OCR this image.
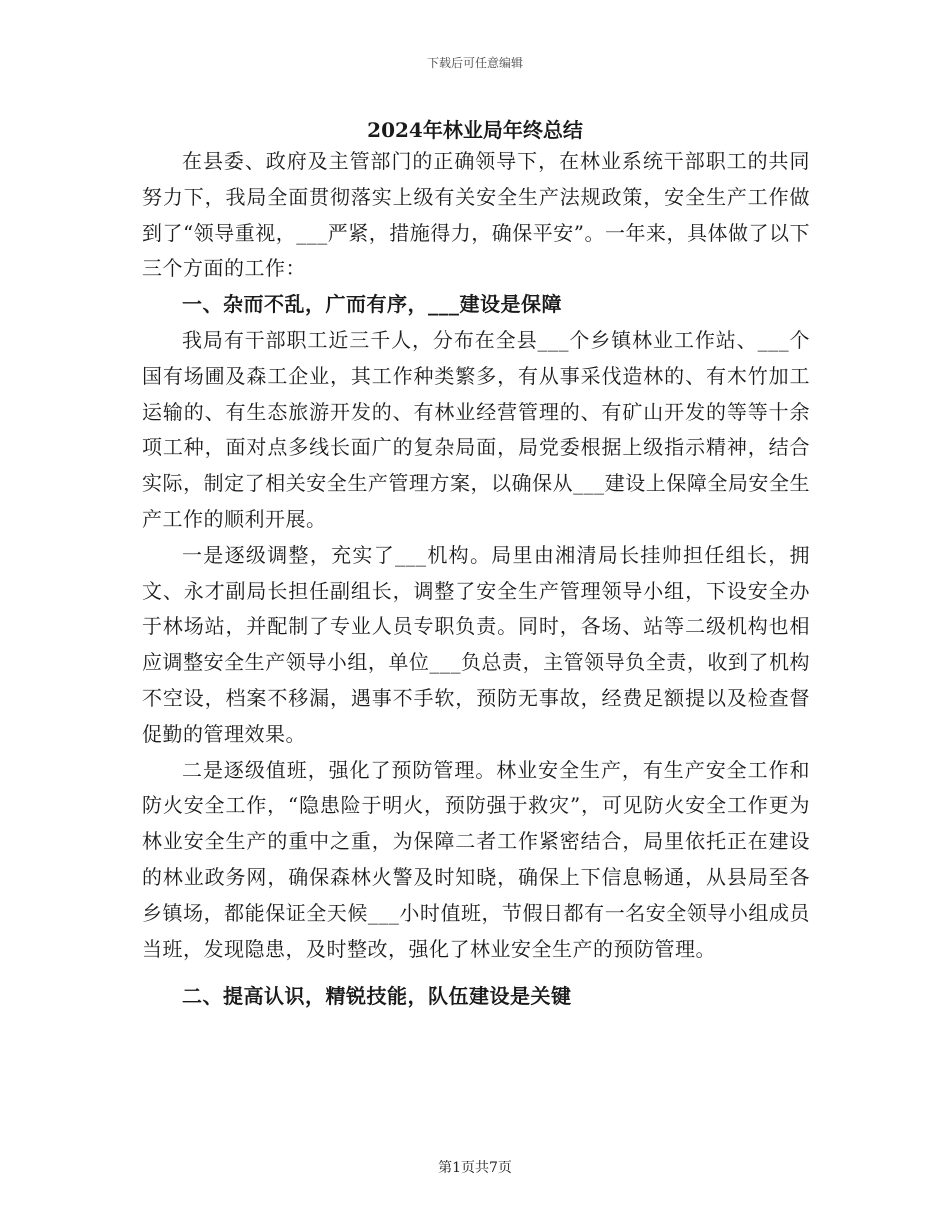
下载后可任意编辑
2024年林业局年终总结

在县委、政府及主管部门的正确领导下，在林业系统干部职工的共同努力下，我局全面贯彻落实上级有关安全生产法规政策，安全生产工作做到了“领导重视，___严紧，措施得力，确保平安”。一年来，具体做了以下三个方面的工作：

一、杂而不乱，广而有序，___建设是保障

我局有干部职工近三千人，分布在全县___个乡镇林业工作站、___个国有场圃及森工企业，其工作种类繁多，有从事采伐造林的、有木竹加工运输的、有生态旅游开发的、有林业经营管理的、有矿山开发的等等十余项工种，面对点多线长面广的复杂局面，局党委根据上级指示精神，结合实际，制定了相关安全生产管理方案，以确保从___建设上保障全局安全生产工作的顺利开展。

一是逐级调整，充实了___机构。局里由湘清局长挂帅担任组长，拥文、永才副局长担任副组长，调整了安全生产管理领导小组，下设安全办于林场站，并配制了专业人员专职负责。同时，各场、站等二级机构也相应调整安全生产领导小组，单位___负总责，主管领导负全责，收到了机构不空设，档案不移漏，遇事不手软，预防无事故，经费足额提以及检查督促勤的管理效果。

二是逐级值班，强化了预防管理。林业安全生产，有生产安全工作和防火安全工作，“隐患险于明火，预防强于救灾”，可见防火安全工作更为林业安全生产的重中之重，为保障二者工作紧密结合，局里依托正在建设的林业政务网，确保森林火警及时知晓，确保上下信息畅通，从县局至各乡镇场，都能保证全天候___小时值班，节假日都有一名安全领导小组成员当班，发现隐患，及时整改，强化了林业安全生产的预防管理。

二、提高认识，精锐技能，队伍建设是关键

第1页共7页
